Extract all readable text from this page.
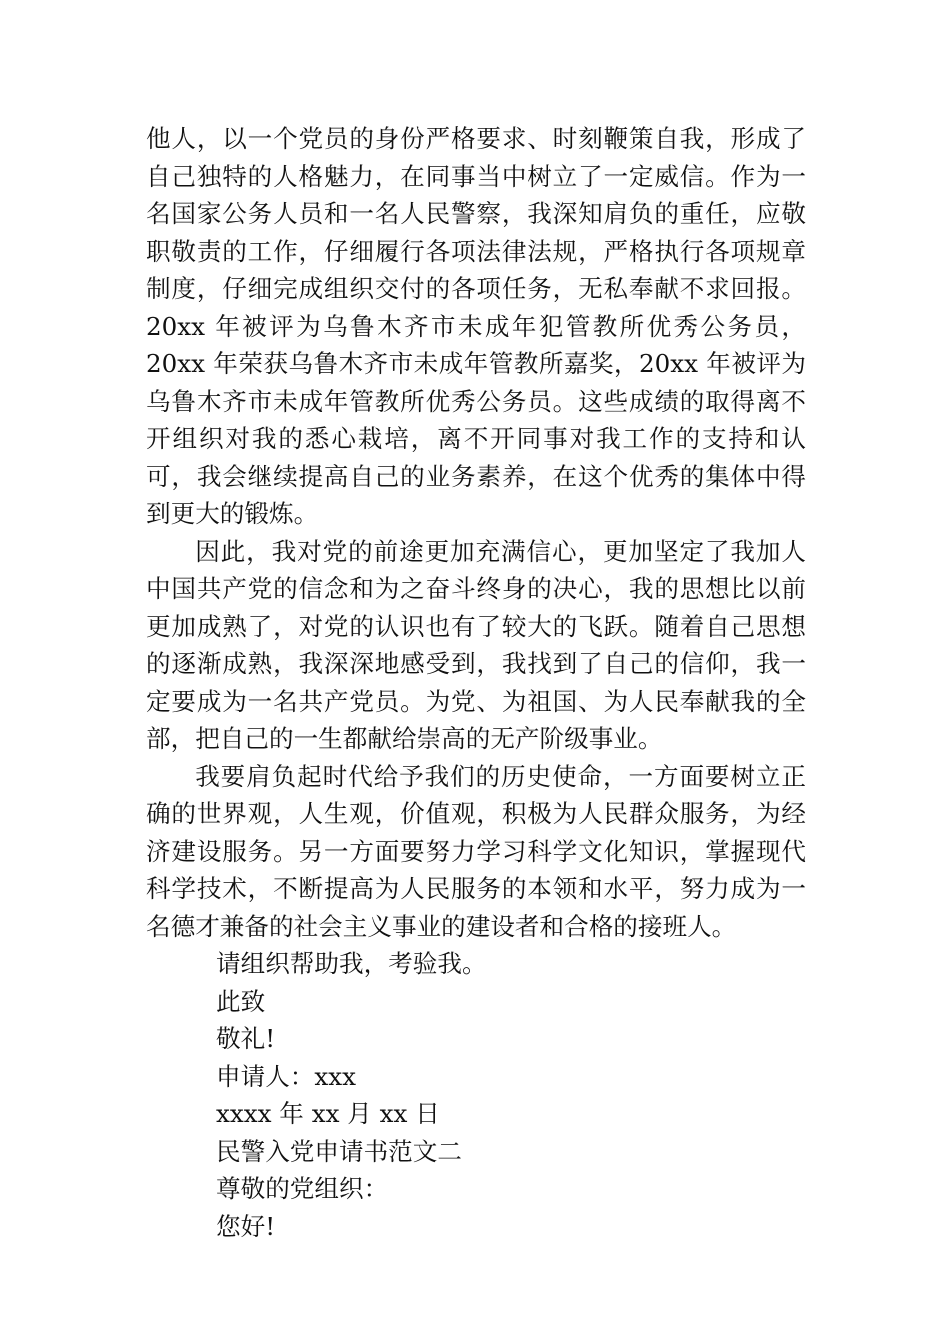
他人，以一个党员的身份严格要求、时刻鞭策自我，形成了自己独特的人格魅力，在同事当中树立了一定威信。作为一名国家公务人员和一名人民警察，我深知肩负的重任，应敬职敬责的工作，仔细履行各项法律法规，严格执行各项规章制度，仔细完成组织交付的各项任务，无私奉献不求回报。20xx 年被评为乌鲁木齐市未成年犯管教所优秀公务员，20xx 年荣获乌鲁木齐市未成年管教所嘉奖，20xx 年被评为乌鲁木齐市未成年管教所优秀公务员。这些成绩的取得离不开组织对我的悉心栽培，离不开同事对我工作的支持和认可，我会继续提高自己的业务素养，在这个优秀的集体中得到更大的锻炼。

因此，我对党的前途更加充满信心，更加坚定了我加人中国共产党的信念和为之奋斗终身的决心，我的思想比以前更加成熟了，对党的认识也有了较大的飞跃。随着自己思想的逐渐成熟，我深深地感受到，我找到了自己的信仰，我一定要成为一名共产党员。为党、为祖国、为人民奉献我的全部，把自己的一生都献给崇高的无产阶级事业。

我要肩负起时代给予我们的历史使命，一方面要树立正确的世界观，人生观，价值观，积极为人民群众服务，为经济建设服务。另一方面要努力学习科学文化知识，掌握现代科学技术，不断提高为人民服务的本领和水平，努力成为一名德才兼备的社会主义事业的建设者和合格的接班人。

请组织帮助我，考验我。

此致

敬礼!

申请人：xxx

xxxx 年 xx 月 xx 日

民警入党申请书范文二

尊敬的党组织：

您好!
